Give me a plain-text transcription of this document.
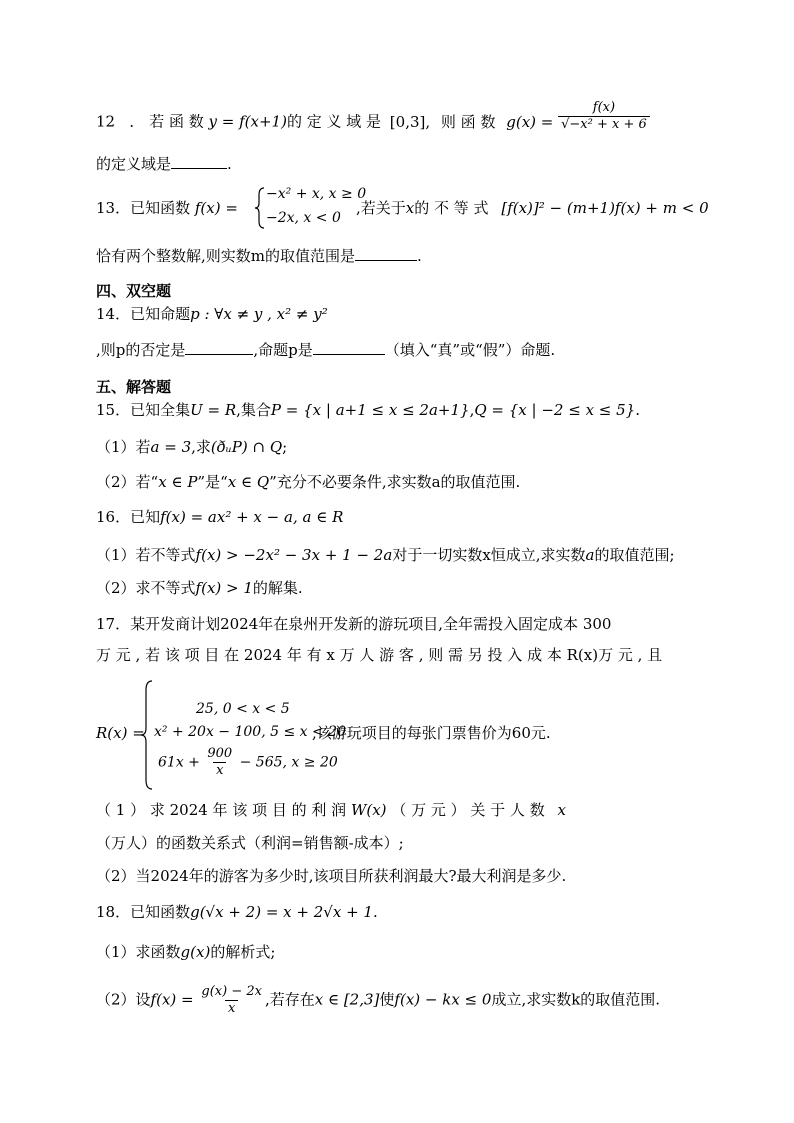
12 ． 若 函 数 y = f(x+1)的 定 义 域 是 [0,3], 则 函 数 $g(x) = \frac{f(x)}{\text{√−x² + x + 6}}$
的定义域是	.
13．已知函数 f(x) =
−x² + x, x ≥ 0
−2x, x < 0
,若关于x的 不 等 式 [f(x)]² − (m+1)f(x) + m < 0
恰有两个整数解,则实数m的取值范围是	.
四、双空题
14．已知命题p : ∀x ≠ y , x² ≠ y²
,则p的否定是	,命题p是	（填入“真”或“假”）命题.
五、解答题
15．已知全集U = R,集合P = {x | a+1 ≤ x ≤ 2a+1},Q = {x | −2 ≤ x ≤ 5}.
（1）若a = 3,求(ðᵤP) ∩ Q;
（2）若“x ∈ P”是“x ∈ Q”充分不必要条件,求实数a的取值范围.
16．已知f(x) = ax² + x − a, a ∈ R
（1）若不等式f(x) > −2x² − 3x + 1 − 2a对于一切实数x恒成立,求实数a的取值范围;
（2）求不等式f(x) > 1的解集.
17．某开发商计划2024年在泉州开发新的游玩项目,全年需投入固定成本 300
万 元 , 若 该 项 目 在 2024 年 有 x 万 人 游 客 , 则 需 另 投 入 成 本 R(x)万 元 , 且
R(x) =
25, 0 < x < 5
x² + 20x − 100, 5 ≤ x < 20
,该游玩项目的每张门票售价为60元.
$61x + \frac{900}{x} - 565$, x ≥ 20
（ 1 ） 求 2024 年 该 项 目 的 利 润 W(x) （ 万 元 ） 关 于 人 数 x
（万人）的函数关系式（利润=销售额-成本）;
（2）当2024年的游客为多少时,该项目所获利润最大?最大利润是多少.
18．已知函数g(√x + 2) = x + 2√x + 1.
（1）求函数g(x)的解析式;
（2）设$f(x) = \frac{g(x) - 2x}{x}$ ,若存在x ∈ [2,3]使f(x) − kx ≤ 0成立,求实数k的取值范围.
